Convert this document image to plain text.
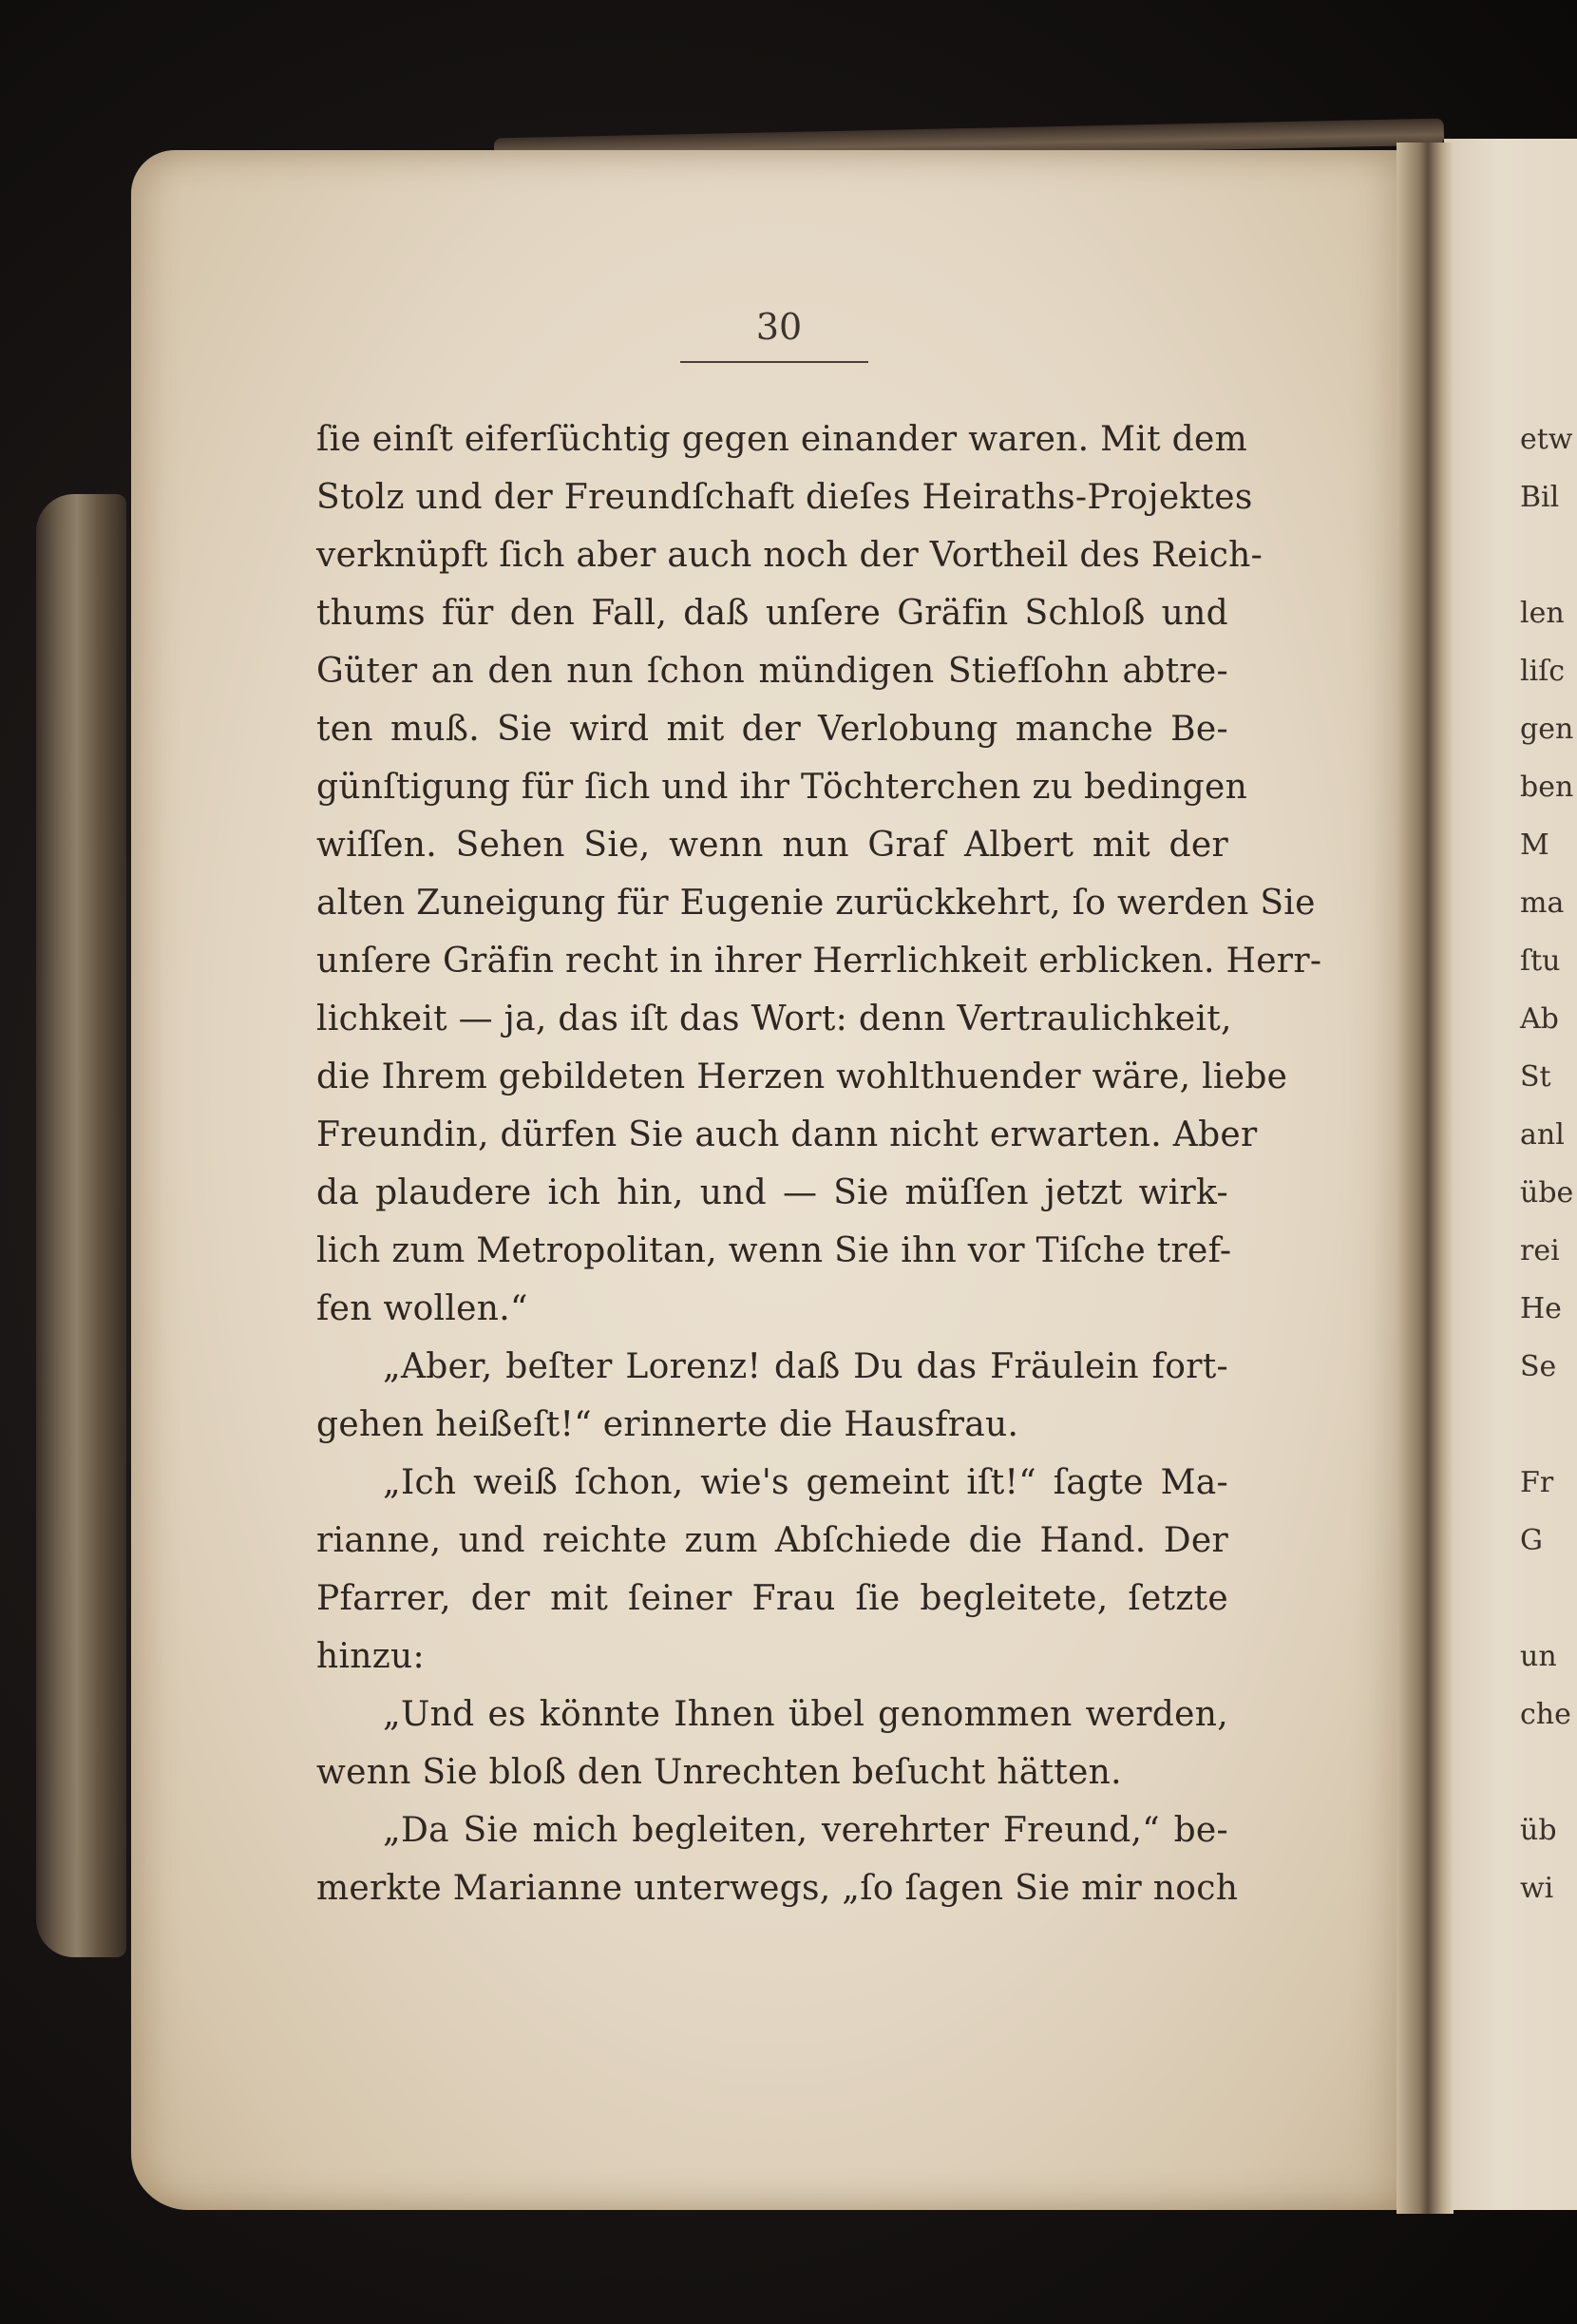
30
ſie einſt eiferſüchtig gegen einander waren. Mit dem
Stolz und der Freundſchaft dieſes Heiraths-Projektes
verknüpft ſich aber auch noch der Vortheil des Reich-
thums für den Fall, daß unſere Gräfin Schloß und
Güter an den nun ſchon mündigen Stiefſohn abtre-
ten muß. Sie wird mit der Verlobung manche Be-
günſtigung für ſich und ihr Töchterchen zu bedingen
wiſſen. Sehen Sie, wenn nun Graf Albert mit der
alten Zuneigung für Eugenie zurückkehrt, ſo werden Sie
unſere Gräfin recht in ihrer Herrlichkeit erblicken. Herr-
lichkeit — ja, das iſt das Wort: denn Vertraulichkeit,
die Ihrem gebildeten Herzen wohlthuender wäre, liebe
Freundin, dürfen Sie auch dann nicht erwarten. Aber
da plaudere ich hin, und — Sie müſſen jetzt wirk-
lich zum Metropolitan, wenn Sie ihn vor Tiſche tref-
fen wollen.“
„Aber, beſter Lorenz! daß Du das Fräulein fort-
gehen heißeſt!“ erinnerte die Hausfrau.
„Ich weiß ſchon, wie's gemeint iſt!“ ſagte Ma-
rianne, und reichte zum Abſchiede die Hand. Der
Pfarrer, der mit ſeiner Frau ſie begleitete, ſetzte
hinzu:
„Und es könnte Ihnen übel genommen werden,
wenn Sie bloß den Unrechten beſucht hätten.
„Da Sie mich begleiten, verehrter Freund,“ be-
merkte Marianne unterwegs, „ſo ſagen Sie mir noch
etw
Bil
len
liſc
gen
ben
M
ma
ſtu
Ab
St
anl
übe
rei
He
Se
Fr
G
un
che
üb
wi
